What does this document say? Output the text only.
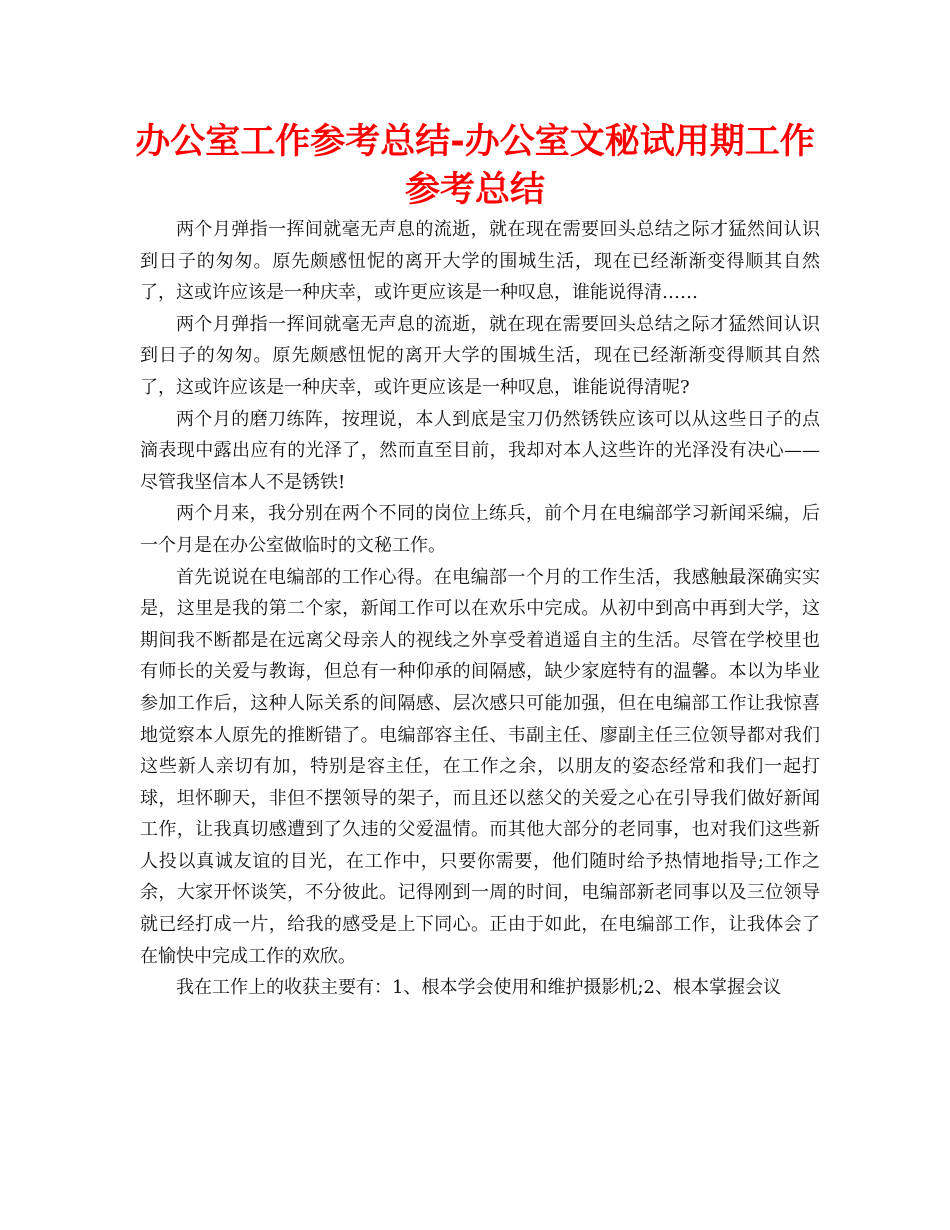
办公室工作参考总结-办公室文秘试用期工作参考总结

两个月弹指一挥间就毫无声息的流逝，就在现在需要回头总结之际才猛然间认识到日子的匆匆。原先颇感忸怩的离开大学的围城生活，现在已经渐渐变得顺其自然了，这或许应该是一种庆幸，或许更应该是一种叹息，谁能说得清……

两个月弹指一挥间就毫无声息的流逝，就在现在需要回头总结之际才猛然间认识到日子的匆匆。原先颇感忸怩的离开大学的围城生活，现在已经渐渐变得顺其自然了，这或许应该是一种庆幸，或许更应该是一种叹息，谁能说得清呢?

两个月的磨刀练阵，按理说，本人到底是宝刀仍然锈铁应该可以从这些日子的点滴表现中露出应有的光泽了，然而直至目前，我却对本人这些许的光泽没有决心——尽管我坚信本人不是锈铁!

两个月来，我分别在两个不同的岗位上练兵，前个月在电编部学习新闻采编，后一个月是在办公室做临时的文秘工作。

首先说说在电编部的工作心得。在电编部一个月的工作生活，我感触最深确实实是，这里是我的第二个家，新闻工作可以在欢乐中完成。从初中到高中再到大学，这期间我不断都是在远离父母亲人的视线之外享受着逍遥自主的生活。尽管在学校里也有师长的关爱与教诲，但总有一种仰承的间隔感，缺少家庭特有的温馨。本以为毕业参加工作后，这种人际关系的间隔感、层次感只可能加强，但在电编部工作让我惊喜地觉察本人原先的推断错了。电编部容主任、韦副主任、廖副主任三位领导都对我们这些新人亲切有加，特别是容主任，在工作之余，以朋友的姿态经常和我们一起打球，坦怀聊天，非但不摆领导的架子，而且还以慈父的关爱之心在引导我们做好新闻工作，让我真切感遭到了久违的父爱温情。而其他大部分的老同事，也对我们这些新人投以真诚友谊的目光，在工作中，只要你需要，他们随时给予热情地指导;工作之余，大家开怀谈笑，不分彼此。记得刚到一周的时间，电编部新老同事以及三位领导就已经打成一片，给我的感受是上下同心。正由于如此，在电编部工作，让我体会了在愉快中完成工作的欢欣。

我在工作上的收获主要有：1、根本学会使用和维护摄影机;2、根本掌握会议
